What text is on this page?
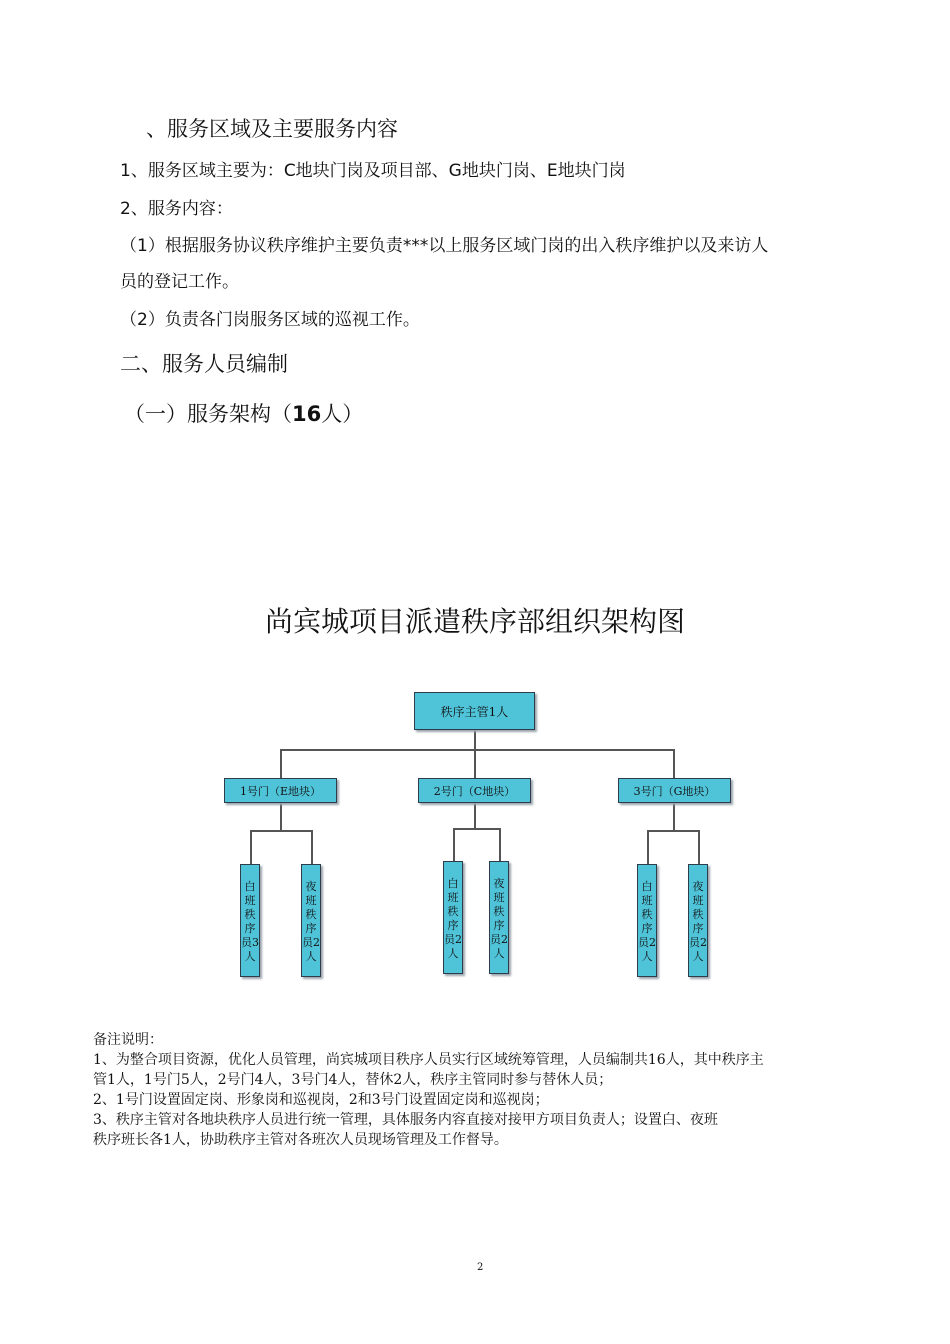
、服务区域及主要服务内容
1、服务区域主要为：C地块门岗及项目部、G地块门岗、E地块门岗
2、服务内容：
（1）根据服务协议秩序维护主要负责***以上服务区域门岗的出入秩序维护以及来访人
员的登记工作。
（2）负责各门岗服务区域的巡视工作。
二、服务人员编制
（一）服务架构（16人）
尚宾城项目派遣秩序部组织架构图
秩序主管1人
1号门（E地块）	2号门（C地块）	3号门（G地块）
白班秩序员3人
夜班秩序员2人
白班秩序员2人
夜班秩序员2人
白班秩序员2人
夜班秩序员2人
备注说明：
1、为整合项目资源，优化人员管理，尚宾城项目秩序人员实行区域统筹管理，人员编制共16人，其中秩序主
管1人，1号门5人，2号门4人，3号门4人，替休2人，秩序主管同时参与替休人员；
2、1号门设置固定岗、形象岗和巡视岗，2和3号门设置固定岗和巡视岗；
3、秩序主管对各地块秩序人员进行统一管理，具体服务内容直接对接甲方项目负责人；设置白、夜班
秩序班长各1人，协助秩序主管对各班次人员现场管理及工作督导。
2
